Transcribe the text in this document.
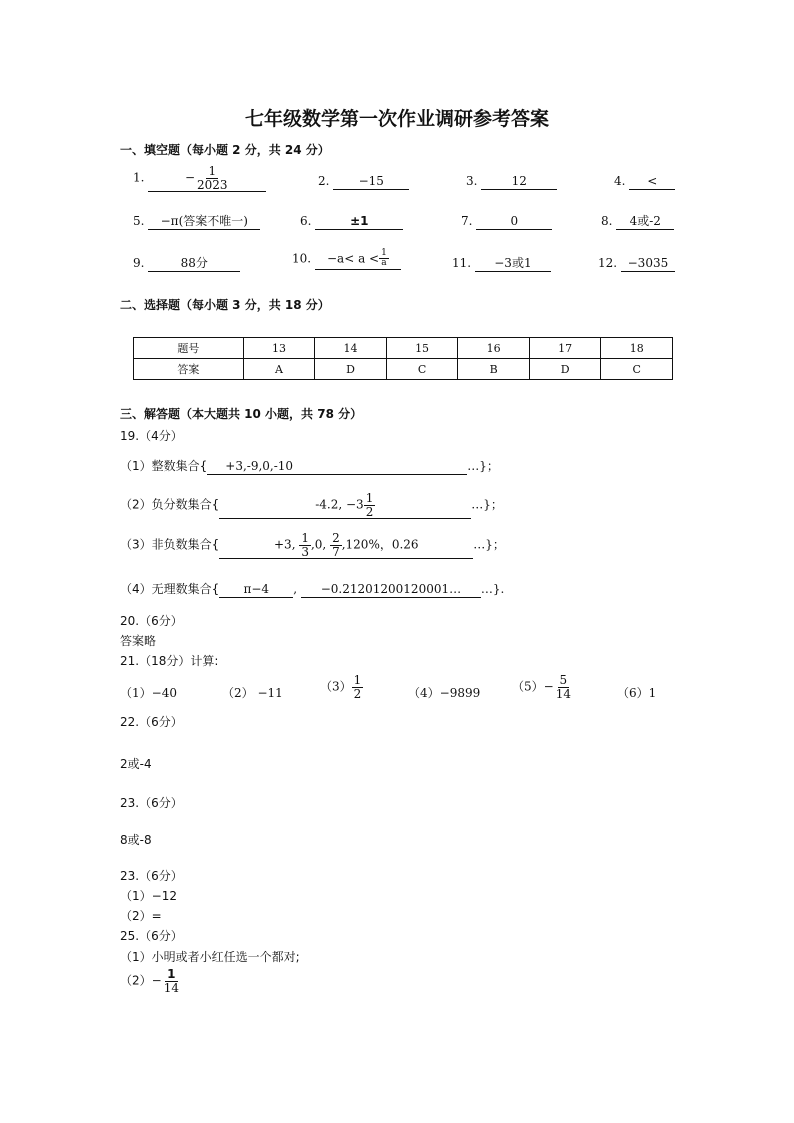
七年级数学第一次作业调研参考答案
一、填空题（每小题 2 分，共 24 分）
1.	− $\frac{1}{2023}$	2. −15	3.	12	4. <
5. −π(答案不唯一)	6.	±1	7.	0	8. 4或-2
9.	88分	10. $-a< a < \frac{1}{a}$	11. −3或1	12. −3035
二、选择题（每小题 3 分，共 18 分）
题号	13	14	15	16	17	18
答案	A	D	C	B	D	C
三、解答题（本大题共 10 小题，共 78 分）
19.（4分）
（1）整数集合{ +3,-9,0,-10	…}；
（2）负分数集合{	-4.2, $-3 \frac{1}{2}$	…}；
（3）非负数集合{	+3, $\frac{1}{3} ,0$, $\frac{2}{7} ,120\%$，0.26	…}；
（4）无理数集合{ π−4 , −0.21201200120001… …}.
20.（6分）
答案略
21.（18分）计算:
（1）−40	（2） −11	$(3) \frac{1}{2}$	（4）−9899	$(5)- \frac{5}{14}$	（6）1
22.（6分）
2或-4
23.（6分）
8或-8
23.（6分）
（1）−12
（2）=
25.（6分）
（1）小明或者小红任选一个都对;
$(2)- \frac{1}{14}$
